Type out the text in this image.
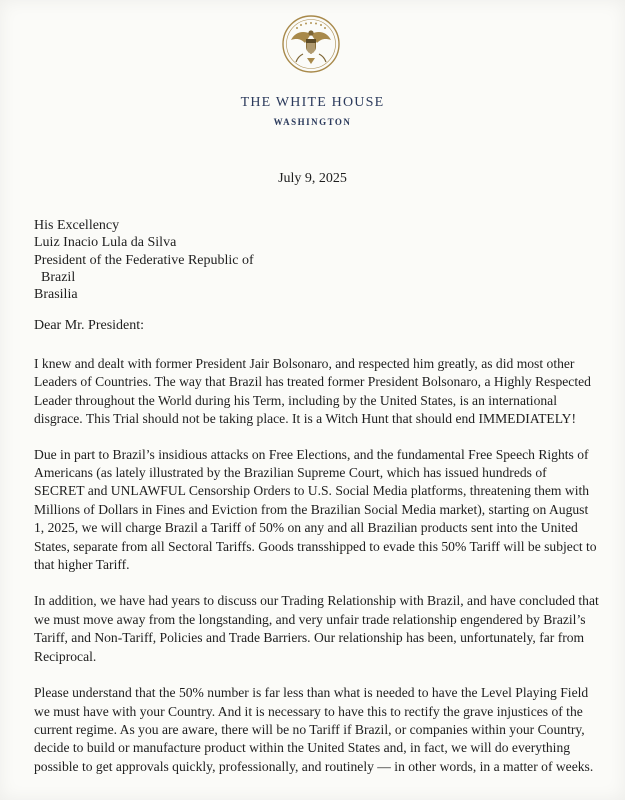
THE WHITE HOUSE
WASHINGTON
July 9, 2025
His Excellency
Luiz Inacio Lula da Silva
President of the Federative Republic of
Brazil
Brasilia
Dear Mr. President:

I knew and dealt with former President Jair Bolsonaro, and respected him greatly, as did most other Leaders of Countries. The way that Brazil has treated former President Bolsonaro, a Highly Respected Leader throughout the World during his Term, including by the United States, is an international disgrace. This Trial should not be taking place. It is a Witch Hunt that should end IMMEDIATELY!

Due in part to Brazil’s insidious attacks on Free Elections, and the fundamental Free Speech Rights of Americans (as lately illustrated by the Brazilian Supreme Court, which has issued hundreds of SECRET and UNLAWFUL Censorship Orders to U.S. Social Media platforms, threatening them with Millions of Dollars in Fines and Eviction from the Brazilian Social Media market), starting on August 1, 2025, we will charge Brazil a Tariff of 50% on any and all Brazilian products sent into the United States, separate from all Sectoral Tariffs. Goods transshipped to evade this 50% Tariff will be subject to that higher Tariff.

In addition, we have had years to discuss our Trading Relationship with Brazil, and have concluded that we must move away from the longstanding, and very unfair trade relationship engendered by Brazil’s Tariff, and Non-Tariff, Policies and Trade Barriers. Our relationship has been, unfortunately, far from Reciprocal.

Please understand that the 50% number is far less than what is needed to have the Level Playing Field we must have with your Country. And it is necessary to have this to rectify the grave injustices of the current regime. As you are aware, there will be no Tariff if Brazil, or companies within your Country, decide to build or manufacture product within the United States and, in fact, we will do everything possible to get approvals quickly, professionally, and routinely — in other words, in a matter of weeks.
